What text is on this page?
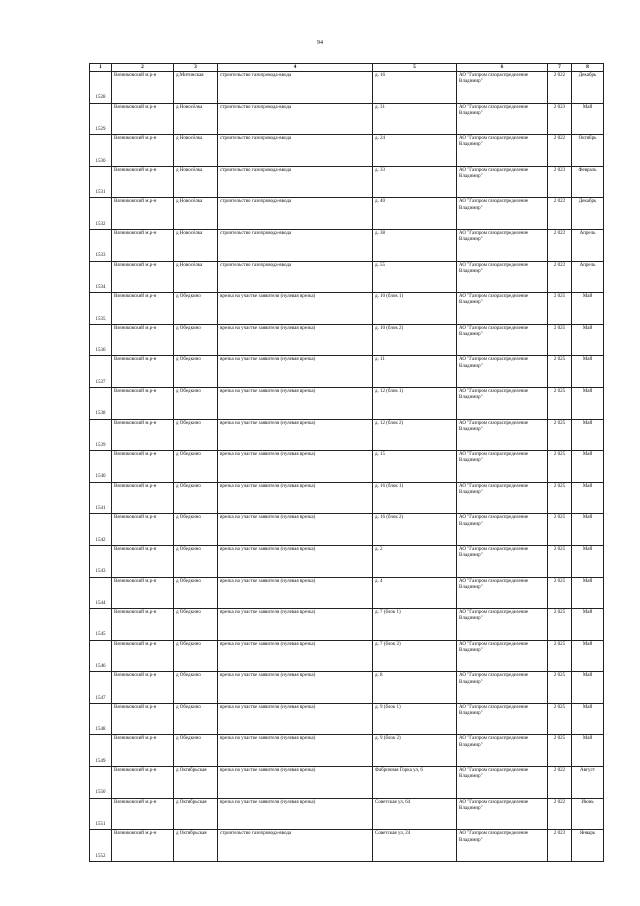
94
1	2	3	4	5	6	7	8
1528	Вязниковский м.р-н	д.Митинская	строительство газопровода-ввода	д. 16	АО "Газпром газораспределение Владимир"	2 022	Декабрь
1529	Вязниковский м.р-н	д Новосёлка	строительство газопровода-ввода	д. 31	АО "Газпром газораспределение Владимир"	2 023	Май
1530	Вязниковский м.р-н	д Новосёлка	строительство газопровода-ввода	д. 24	АО "Газпром газораспределение Владимир"	2 022	Октябрь
1531	Вязниковский м.р-н	д Новосёлка	строительство газопровода-ввода	д. 33	АО "Газпром газораспределение Владимир"	2 023	Февраль
1532	Вязниковский м.р-н	д Новосёлка	строительство газопровода-ввода	д. 40	АО "Газпром газораспределение Владимир"	2 022	Декабрь
1533	Вязниковский м.р-н	д Новосёлка	строительство газопровода-ввода	д. 38	АО "Газпром газораспределение Владимир"	2 022	Апрель
1534	Вязниковский м.р-н	д Новосёлка	строительство газопровода-ввода	д. 55	АО "Газпром газораспределение Владимир"	2 022	Апрель
1535	Вязниковский м.р-н	д Обедкино	врезка на участке заявителя (нулевая врезка)	д. 10 (блок 1)	АО "Газпром газораспределение Владимир"	2 025	Май
1536	Вязниковский м.р-н	д Обедкино	врезка на участке заявителя (нулевая врезка)	д. 10 (блок 2)	АО "Газпром газораспределение Владимир"	2 025	Май
1537	Вязниковский м.р-н	д Обедкино	врезка на участке заявителя (нулевая врезка)	д. 11	АО "Газпром газораспределение Владимир"	2 025	Май
1538	Вязниковский м.р-н	д Обедкино	врезка на участке заявителя (нулевая врезка)	д. 12 (блок 1)	АО "Газпром газораспределение Владимир"	2 025	Май
1539	Вязниковский м.р-н	д Обедкино	врезка на участке заявителя (нулевая врезка)	д. 12 (блок 2)	АО "Газпром газораспределение Владимир"	2 025	Май
1540	Вязниковский м.р-н	д Обедкино	врезка на участке заявителя (нулевая врезка)	д. 15	АО "Газпром газораспределение Владимир"	2 025	Май
1541	Вязниковский м.р-н	д Обедкино	врезка на участке заявителя (нулевая врезка)	д. 16 (блок 1)	АО "Газпром газораспределение Владимир"	2 025	Май
1542	Вязниковский м.р-н	д Обедкино	врезка на участке заявителя (нулевая врезка)	д. 16 (блок 2)	АО "Газпром газораспределение Владимир"	2 025	Май
1543	Вязниковский м.р-н	д Обедкино	врезка на участке заявителя (нулевая врезка)	д. 2	АО "Газпром газораспределение Владимир"	2 025	Май
1544	Вязниковский м.р-н	д Обедкино	врезка на участке заявителя (нулевая врезка)	д. 4	АО "Газпром газораспределение Владимир"	2 025	Май
1545	Вязниковский м.р-н	д Обедкино	врезка на участке заявителя (нулевая врезка)	д. 7 (блок 1)	АО "Газпром газораспределение Владимир"	2 025	Май
1546	Вязниковский м.р-н	д Обедкино	врезка на участке заявителя (нулевая врезка)	д. 7 (блок 2)	АО "Газпром газораспределение Владимир"	2 025	Май
1547	Вязниковский м.р-н	д Обедкино	врезка на участке заявителя (нулевая врезка)	д. 8	АО "Газпром газораспределение Владимир"	2 025	Май
1548	Вязниковский м.р-н	д Обедкино	врезка на участке заявителя (нулевая врезка)	д. 9 (блок 1)	АО "Газпром газораспределение Владимир"	2 025	Май
1549	Вязниковский м.р-н	д Обедкино	врезка на участке заявителя (нулевая врезка)	д. 9 (блок 2)	АО "Газпром газораспределение Владимир"	2 025	Май
1550	Вязниковский м.р-н	д Октябрьская	врезка на участке заявителя (нулевая врезка)	Фабричная Горка ул, 6	АО "Газпром газораспределение Владимир"	2 022	Август
1551	Вязниковский м.р-н	д Октябрьская	врезка на участке заявителя (нулевая врезка)	Советская ул, 64	АО "Газпром газораспределение Владимир"	2 022	Июнь
1552	Вязниковский м.р-н	д Октябрьская	строительство газопровода-ввода	Советская ул, 24	АО "Газпром газораспределение Владимир"	2 023	Январь
